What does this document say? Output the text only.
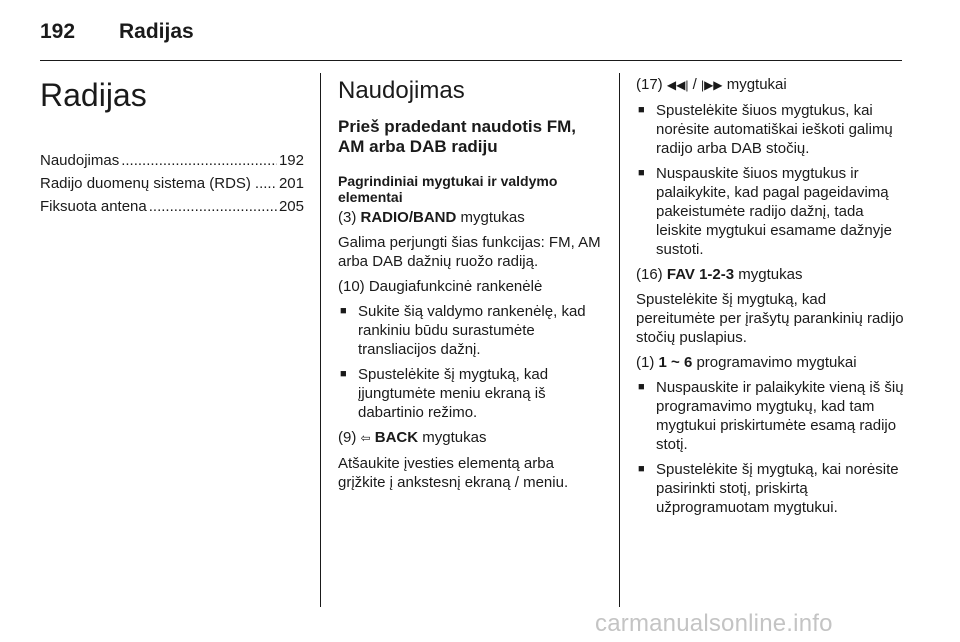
192 Radijas
Radijas
Naudojimas .....	192
Radijo duomenų sistema (RDS) ..... 201
Fiksuota antena .....	205
Naudojimas
Prieš pradedant naudotis FM, AM arba DAB radiju
Pagrindiniai mygtukai ir valdymo elementai

(3) RADIO/BAND mygtukas

Galima perjungti šias funkcijas: FM, AM arba DAB dažnių ruožo radiją.

(10) Daugiafunkcinė rankenėlė

■ Sukite šią valdymo rankenėlę, kad rankiniu būdu surastumėte transliacijos dažnį.
■ Spustelėkite šį mygtuką, kad įjungtumėte meniu ekraną iš dabartinio režimo.

(9) ⇦ BACK mygtukas

Atšaukite įvesties elementą arba grįžkite į ankstesnį ekraną / meniu.

(17) ◀◀| / |▶▶ mygtukai

■ Spustelėkite šiuos mygtukus, kai norėsite automatiškai ieškoti galimų radijo arba DAB stočių.
■ Nuspauskite šiuos mygtukus ir palaikykite, kad pagal pageidavimą pakeistumėte radijo dažnį, tada leiskite mygtukui esamame dažnyje sustoti.

(16) FAV 1-2-3 mygtukas

Spustelėkite šį mygtuką, kad pereitumėte per įrašytų parankinių radijo stočių puslapius.

(1) 1 ~ 6 programavimo mygtukai

■ Nuspauskite ir palaikykite vieną iš šių programavimo mygtukų, kad tam mygtukui priskirtumėte esamą radijo stotį.
■ Spustelėkite šį mygtuką, kai norėsite pasirinkti stotį, priskirtą užprogramuotam mygtukui.
carmanualsonline.info
